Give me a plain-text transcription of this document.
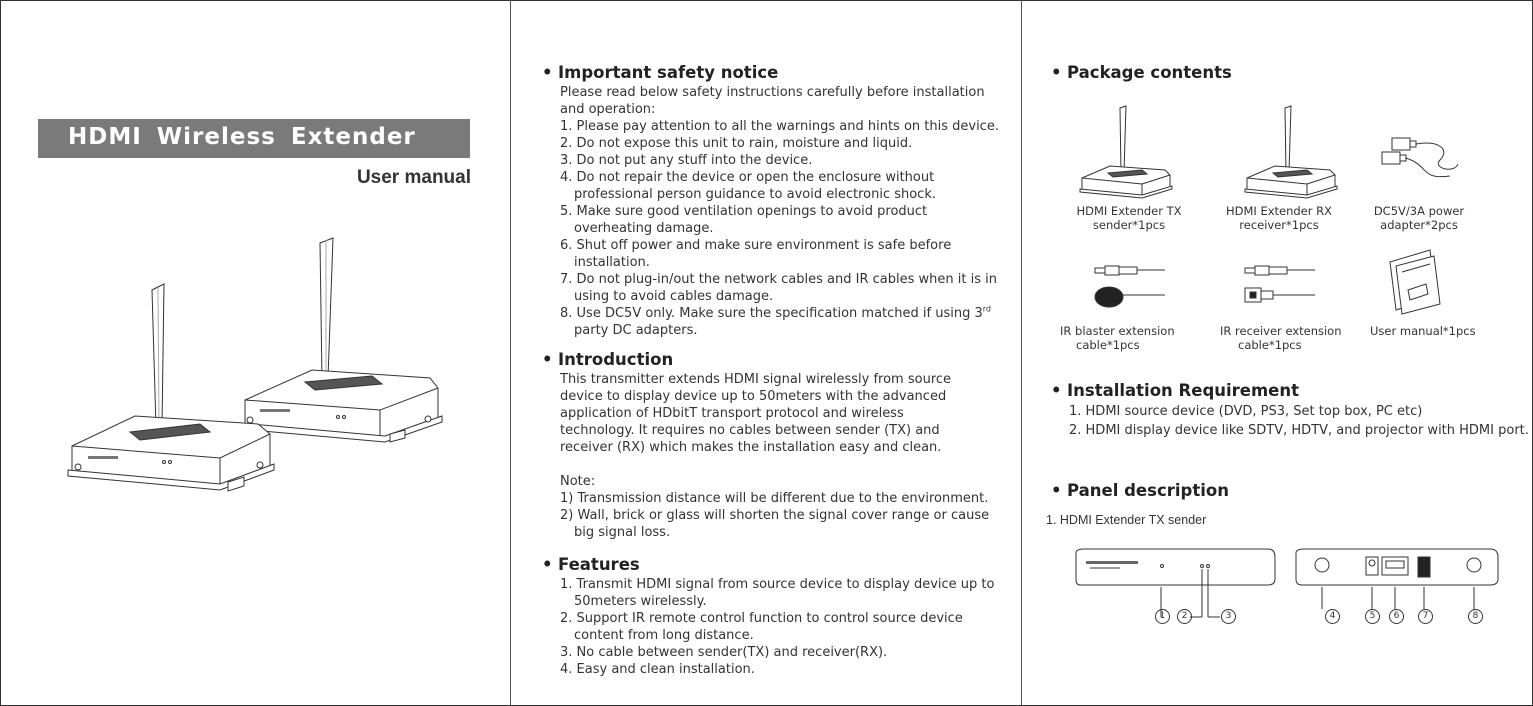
HDMI Wireless Extender
User manual
• Important safety notice
Please read below safety instructions carefully before installation and operation:
1. Please pay attention to all the warnings and hints on this device.
2. Do not expose this unit to rain, moisture and liquid.
3. Do not put any stuff into the device.
4. Do not repair the device or open the enclosure without professional person guidance to avoid electronic shock.
5. Make sure good ventilation openings to avoid product overheating damage.
6. Shut off power and make sure environment is safe before installation.
7. Do not plug-in/out the network cables and IR cables when it is in using to avoid cables damage.
8. Use DC5V only. Make sure the specification matched if using 3rd party DC adapters.
• Introduction
This transmitter extends HDMI signal wirelessly from source device to display device up to 50meters with the advanced application of HDbitT transport protocol and wireless technology. It requires no cables between sender (TX) and receiver (RX) which makes the installation easy and clean.
Note:
1) Transmission distance will be different due to the environment.
2) Wall, brick or glass will shorten the signal cover range or cause big signal loss.
• Features
1. Transmit HDMI signal from source device to display device up to 50meters wirelessly.
2. Support IR remote control function to control source device content from long distance.
3. No cable between sender(TX) and receiver(RX).
4. Easy and clean installation.
• Package contents
HDMI Extender TX
sender*1pcs
HDMI Extender RX
receiver*1pcs
DC5V/3A power
adapter*2pcs
IR blaster extension
cable*1pcs
IR receiver extension
cable*1pcs
User manual*1pcs
• Installation Requirement
1. HDMI source device (DVD, PS3, Set top box, PC etc)
2. HDMI display device like SDTV, HDTV, and projector with HDMI port.
• Panel description
1. HDMI Extender TX sender
1	2	3	4	5	6	7	8
